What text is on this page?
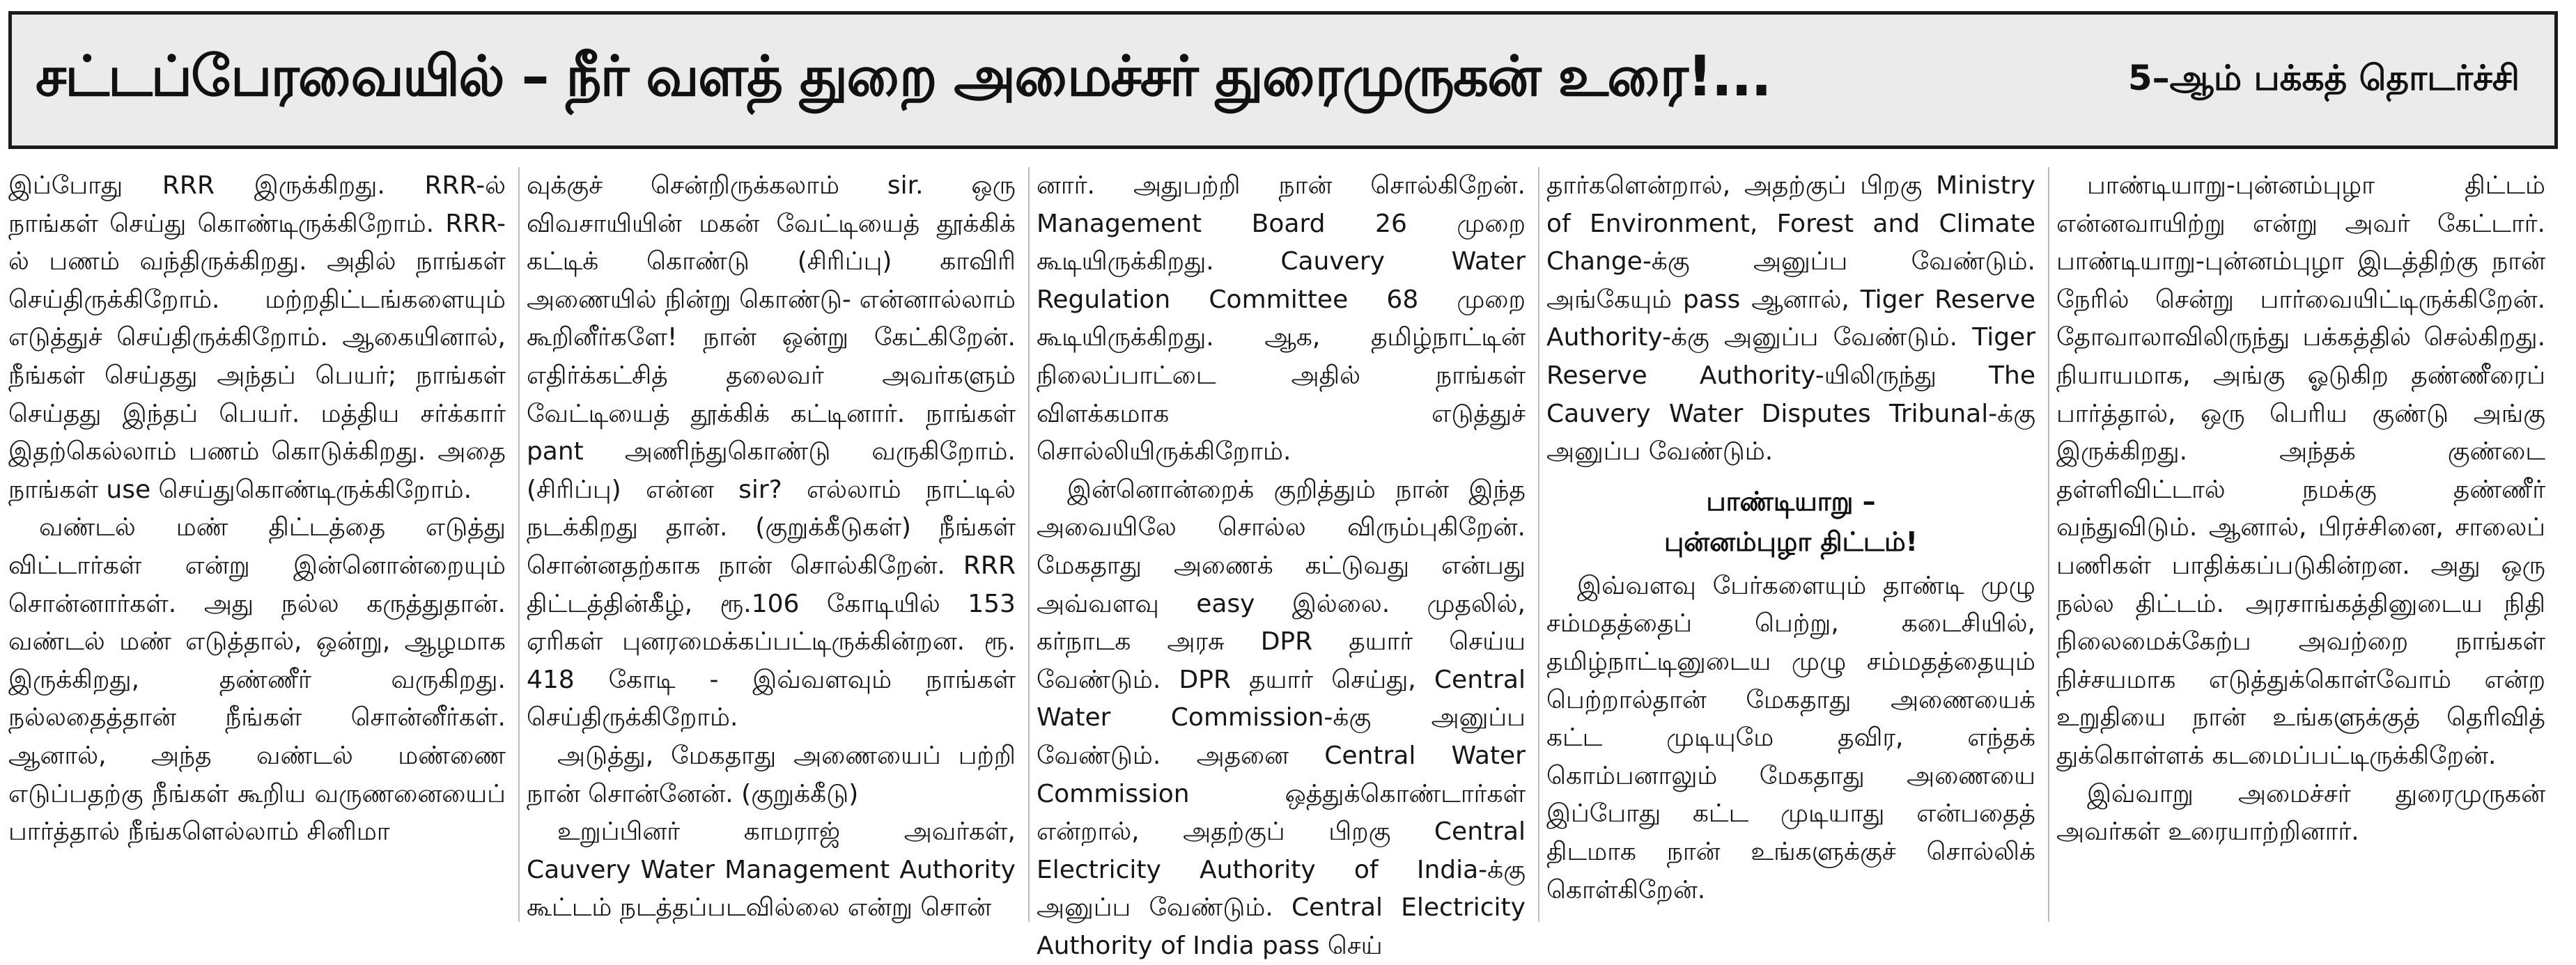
சட்டப்பேரவையில் – நீர் வளத் துறை அமைச்சர் துரைமுருகன் உரை!...	5–ஆம் பக்கத் தொடர்ச்சி

இப்போது RRR இருக்கிறது. RRR-ல் நாங்கள் செய்து கொண்டிருக்கிறோம். RRR-ல் பணம் வந்திருக்கிறது. அதில் நாங்கள் செய்திருக்கிறோம். மற்றதிட்டங்களையும் எடுத்துச் செய்திருக்கிறோம். ஆகையினால், நீங்கள் செய்தது அந்தப் பெயர்; நாங்கள் செய்தது இந்தப் பெயர். மத்திய சர்க்கார் இதற்கெல்லாம் பணம் கொடுக்கிறது. அதை நாங்கள் use செய்துகொண்டிருக்கிறோம்.

வண்டல் மண் திட்டத்தை எடுத்து விட்டார்கள் என்று இன்னொன்றையும் சொன்னார்கள். அது நல்ல கருத்துதான். வண்டல் மண் எடுத்தால், ஒன்று, ஆழமாக இருக்கிறது, தண்ணீர் வருகிறது. நல்லதைத்தான் நீங்கள் சொன்னீர்கள். ஆனால், அந்த வண்டல் மண்ணை எடுப்பதற்கு நீங்கள் கூறிய வருணனையைப் பார்த்தால் நீங்களெல்லாம் சினிமா

வுக்குச் சென்றிருக்கலாம் sir. ஒரு விவசாயியின் மகன் வேட்டியைத் தூக்கிக் கட்டிக் கொண்டு (சிரிப்பு) காவிரி அணையில் நின்று கொண்டு- என்னால்லாம் கூறினீர்களே! நான் ஒன்று கேட்கிறேன். எதிர்க்கட்சித் தலைவர் அவர்களும் வேட்டியைத் தூக்கிக் கட்டினார். நாங்கள் pant அணிந்துகொண்டு வருகிறோம். (சிரிப்பு) என்ன sir? எல்லாம் நாட்டில் நடக்கிறது தான். (குறுக்கீடுகள்) நீங்கள் சொன்னதற்காக நான் சொல்கிறேன். RRR திட்டத்தின்கீழ், ரூ.106 கோடியில் 153 ஏரிகள் புனரமைக்கப்பட்டிருக்கின்றன. ரூ. 418 கோடி - இவ்வளவும் நாங்கள் செய்திருக்கிறோம்.

அடுத்து, மேகதாது அணையைப் பற்றி நான் சொன்னேன். (குறுக்கீடு)

உறுப்பினர் காமராஜ் அவர்கள், Cauvery Water Management Authority கூட்டம் நடத்தப்படவில்லை என்று சொன்

னார். அதுபற்றி நான் சொல்கிறேன். Management Board 26 முறை கூடியிருக்கிறது. Cauvery Water Regulation Committee 68 முறை கூடியிருக்கிறது. ஆக, தமிழ்நாட்டின் நிலைப்பாட்டை அதில் நாங்கள் விளக்கமாக எடுத்துச் சொல்லியிருக்கிறோம்.

இன்னொன்றைக் குறித்தும் நான் இந்த அவையிலே சொல்ல விரும்புகிறேன். மேகதாது அணைக் கட்டுவது என்பது அவ்வளவு easy இல்லை. முதலில், கர்நாடக அரசு DPR தயார் செய்ய வேண்டும். DPR தயார் செய்து, Central Water Commission-க்கு அனுப்ப வேண்டும். அதனை Central Water Commission ஒத்துக்கொண்டார்கள் என்றால், அதற்குப் பிறகு Central Electricity Authority of India-க்கு அனுப்ப வேண்டும். Central Electricity Authority of India pass செய்

தார்களென்றால், அதற்குப் பிறகு Ministry of Environment, Forest and Climate Change-க்கு அனுப்ப வேண்டும். அங்கேயும் pass ஆனால், Tiger Reserve Authority-க்கு அனுப்ப வேண்டும். Tiger Reserve Authority-யிலிருந்து The Cauvery Water Disputes Tribunal-க்கு அனுப்ப வேண்டும்.

பாண்டியாறு –
புன்னம்புழா திட்டம்!

இவ்வளவு பேர்களையும் தாண்டி முழு சம்மதத்தைப் பெற்று, கடைசியில், தமிழ்நாட்டினுடைய முழு சம்மதத்தையும் பெற்றால்தான் மேகதாது அணையைக் கட்ட முடியுமே தவிர, எந்தக் கொம்பனாலும் மேகதாது அணையை இப்போது கட்ட முடியாது என்பதைத் திடமாக நான் உங்களுக்குச் சொல்லிக் கொள்கிறேன்.

பாண்டியாறு-புன்னம்புழா திட்டம் என்னவாயிற்று என்று அவர் கேட்டார். பாண்டியாறு-புன்னம்புழா இடத்திற்கு நான் நேரில் சென்று பார்வையிட்டிருக்கிறேன். தோவாலாவிலிருந்து பக்கத்தில் செல்கிறது. நியாயமாக, அங்கு ஓடுகிற தண்ணீரைப் பார்த்தால், ஒரு பெரிய குண்டு அங்கு இருக்கிறது. அந்தக் குண்டை தள்ளிவிட்டால் நமக்கு தண்ணீர் வந்துவிடும். ஆனால், பிரச்சினை, சாலைப் பணிகள் பாதிக்கப்படுகின்றன. அது ஒரு நல்ல திட்டம். அரசாங்கத்தினுடைய நிதி நிலைமைக்கேற்ப அவற்றை நாங்கள் நிச்சயமாக எடுத்துக்கொள்வோம் என்ற உறுதியை நான் உங்களுக்குத் தெரிவித் துக்கொள்ளக் கடமைப்பட்டிருக்கிறேன்.

இவ்வாறு அமைச்சர் துரைமுருகன் அவர்கள் உரையாற்றினார்.
